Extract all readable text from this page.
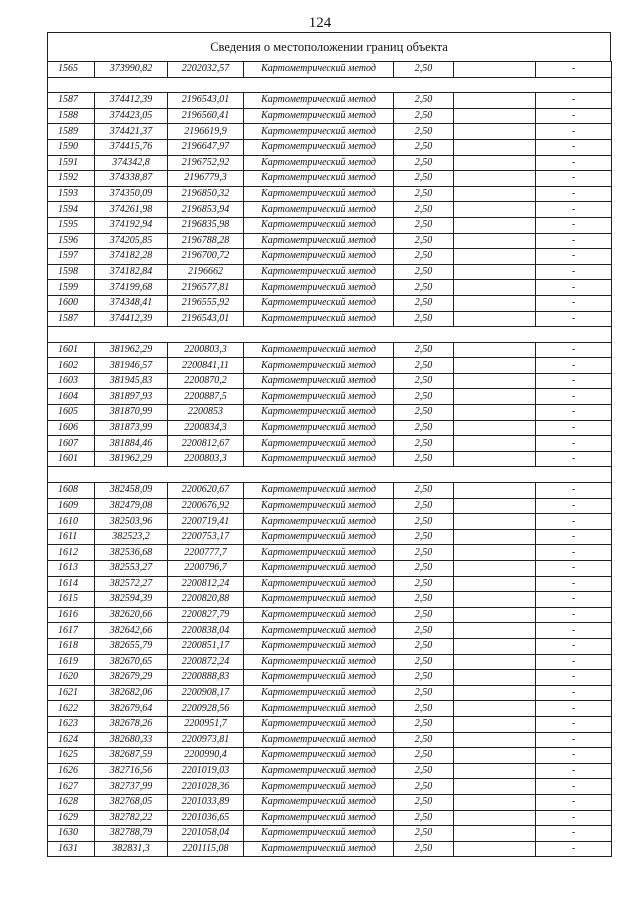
124
Сведения о местоположении границ объекта
1565	373990,82	2202032,57	Картометрический метод	2,50		-

1587	374412,39	2196543,01	Картометрический метод	2,50		-
1588	374423,05	2196560,41	Картометрический метод	2,50		-
1589	374421,37	2196619,9	Картометрический метод	2,50		-
1590	374415,76	2196647,97	Картометрический метод	2,50		-
1591	374342,8	2196752,92	Картометрический метод	2,50		-
1592	374338,87	2196779,3	Картометрический метод	2,50		-
1593	374350,09	2196850,32	Картометрический метод	2,50		-
1594	374261,98	2196853,94	Картометрический метод	2,50		-
1595	374192,94	2196835,98	Картометрический метод	2,50		-
1596	374205,85	2196788,28	Картометрический метод	2,50		-
1597	374182,28	2196700,72	Картометрический метод	2,50		-
1598	374182,84	2196662	Картометрический метод	2,50		-
1599	374199,68	2196577,81	Картометрический метод	2,50		-
1600	374348,41	2196555,92	Картометрический метод	2,50		-
1587	374412,39	2196543,01	Картометрический метод	2,50		-

1601	381962,29	2200803,3	Картометрический метод	2,50		-
1602	381946,57	2200841,11	Картометрический метод	2,50		-
1603	381945,83	2200870,2	Картометрический метод	2,50		-
1604	381897,93	2200887,5	Картометрический метод	2,50		-
1605	381870,99	2200853	Картометрический метод	2,50		-
1606	381873,99	2200834,3	Картометрический метод	2,50		-
1607	381884,46	2200812,67	Картометрический метод	2,50		-
1601	381962,29	2200803,3	Картометрический метод	2,50		-

1608	382458,09	2200620,67	Картометрический метод	2,50		-
1609	382479,08	2200676,92	Картометрический метод	2,50		-
1610	382503,96	2200719,41	Картометрический метод	2,50		-
1611	382523,2	2200753,17	Картометрический метод	2,50		-
1612	382536,68	2200777,7	Картометрический метод	2,50		-
1613	382553,27	2200796,7	Картометрический метод	2,50		-
1614	382572,27	2200812,24	Картометрический метод	2,50		-
1615	382594,39	2200820,88	Картометрический метод	2,50		-
1616	382620,66	2200827,79	Картометрический метод	2,50		-
1617	382642,66	2200838,04	Картометрический метод	2,50		-
1618	382655,79	2200851,17	Картометрический метод	2,50		-
1619	382670,65	2200872,24	Картометрический метод	2,50		-
1620	382679,29	2200888,83	Картометрический метод	2,50		-
1621	382682,06	2200908,17	Картометрический метод	2,50		-
1622	382679,64	2200928,56	Картометрический метод	2,50		-
1623	382678,26	2200951,7	Картометрический метод	2,50		-
1624	382680,33	2200973,81	Картометрический метод	2,50		-
1625	382687,59	2200990,4	Картометрический метод	2,50		-
1626	382716,56	2201019,03	Картометрический метод	2,50		-
1627	382737,99	2201028,36	Картометрический метод	2,50		-
1628	382768,05	2201033,89	Картометрический метод	2,50		-
1629	382782,22	2201036,65	Картометрический метод	2,50		-
1630	382788,79	2201058,04	Картометрический метод	2,50		-
1631	382831,3	2201115,08	Картометрический метод	2,50		-
